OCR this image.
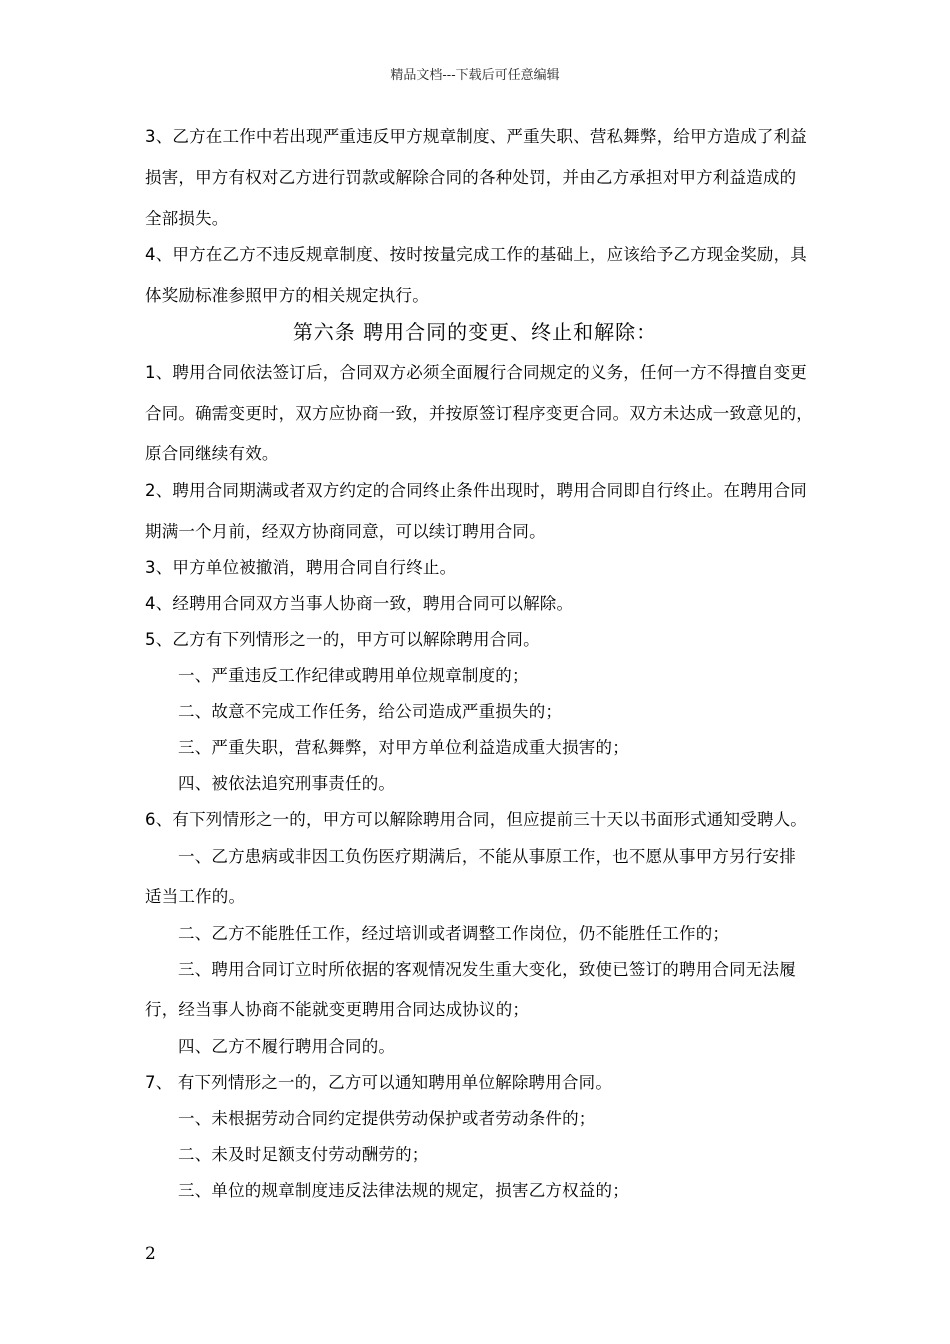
精品文档---下载后可任意编辑
3、乙方在工作中若出现严重违反甲方规章制度、严重失职、营私舞弊，给甲方造成了利益
损害，甲方有权对乙方进行罚款或解除合同的各种处罚，并由乙方承担对甲方利益造成的
全部损失。
4、甲方在乙方不违反规章制度、按时按量完成工作的基础上，应该给予乙方现金奖励，具
体奖励标准参照甲方的相关规定执行。
第六条 聘用合同的变更、终止和解除：
1、聘用合同依法签订后，合同双方必须全面履行合同规定的义务，任何一方不得擅自变更
合同。确需变更时，双方应协商一致，并按原签订程序变更合同。双方未达成一致意见的，
原合同继续有效。
2、聘用合同期满或者双方约定的合同终止条件出现时，聘用合同即自行终止。在聘用合同
期满一个月前，经双方协商同意，可以续订聘用合同。
3、甲方单位被撤消，聘用合同自行终止。
4、经聘用合同双方当事人协商一致，聘用合同可以解除。
5、乙方有下列情形之一的，甲方可以解除聘用合同。
一、严重违反工作纪律或聘用单位规章制度的；
二、故意不完成工作任务，给公司造成严重损失的；
三、严重失职，营私舞弊，对甲方单位利益造成重大损害的；
四、被依法追究刑事责任的。
6、有下列情形之一的，甲方可以解除聘用合同，但应提前三十天以书面形式通知受聘人。
一、乙方患病或非因工负伤医疗期满后，不能从事原工作，也不愿从事甲方另行安排
适当工作的。
二、乙方不能胜任工作，经过培训或者调整工作岗位，仍不能胜任工作的；
三、聘用合同订立时所依据的客观情况发生重大变化，致使已签订的聘用合同无法履
行，经当事人协商不能就变更聘用合同达成协议的；
四、乙方不履行聘用合同的。
7、 有下列情形之一的，乙方可以通知聘用单位解除聘用合同。
一、未根据劳动合同约定提供劳动保护或者劳动条件的；
二、未及时足额支付劳动酬劳的；
三、单位的规章制度违反法律法规的规定，损害乙方权益的；
2
